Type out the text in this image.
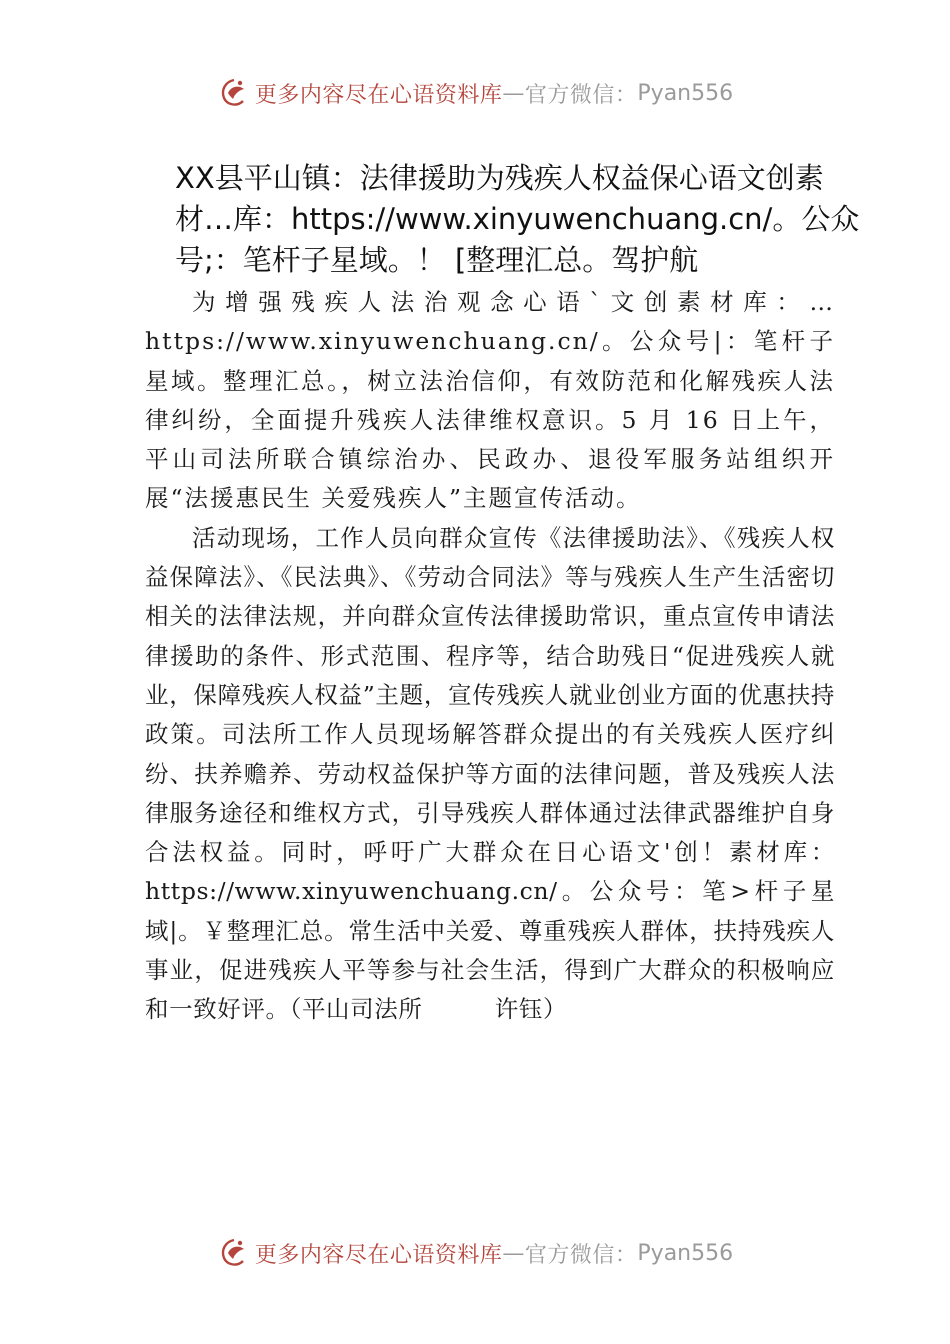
更多内容尽在心语资料库 — 官方微信： Pyan556
XX县平山镇：法律援助为残疾人权益保心语文创素材…库：https://www.xinyuwenchuang.cn/。公众号;：笔杆子星域。！ [整理汇总。驾护航

为增强残疾人法治观念心语`文创素材库：…https://www.xinyuwenchuang.cn/。公众号|：笔杆子星域。整理汇总。，树立法治信仰，有效防范和化解残疾人法律纠纷，全面提升残疾人法律维权意识。5 月 16 日上午，平山司法所联合镇综治办、民政办、退役军服务站组织开展“法援惠民生 关爱残疾人”主题宣传活动。

活动现场，工作人员向群众宣传《法律援助法》、《残疾人权益保障法》、《民法典》、《劳动合同法》等与残疾人生产生活密切相关的法律法规，并向群众宣传法律援助常识，重点宣传申请法律援助的条件、形式范围、程序等，结合助残日“促进残疾人就业，保障残疾人权益”主题，宣传残疾人就业创业方面的优惠扶持政策。司法所工作人员现场解答群众提出的有关残疾人医疗纠纷、扶养赡养、劳动权益保护等方面的法律问题，普及残疾人法律服务途径和维权方式，引导残疾人群体通过法律武器维护自身合法权益。同时，呼吁广大群众在日心语文'创！素材库：https://www.xinyuwenchuang.cn/。公众号：笔>杆子星域|。￥整理汇总。常生活中关爱、尊重残疾人群体，扶持残疾人事业，促进残疾人平等参与社会生活，得到广大群众的积极响应和一致好评。（平山司法所　　　许钰）

更多内容尽在心语资料库 — 官方微信： Pyan556
